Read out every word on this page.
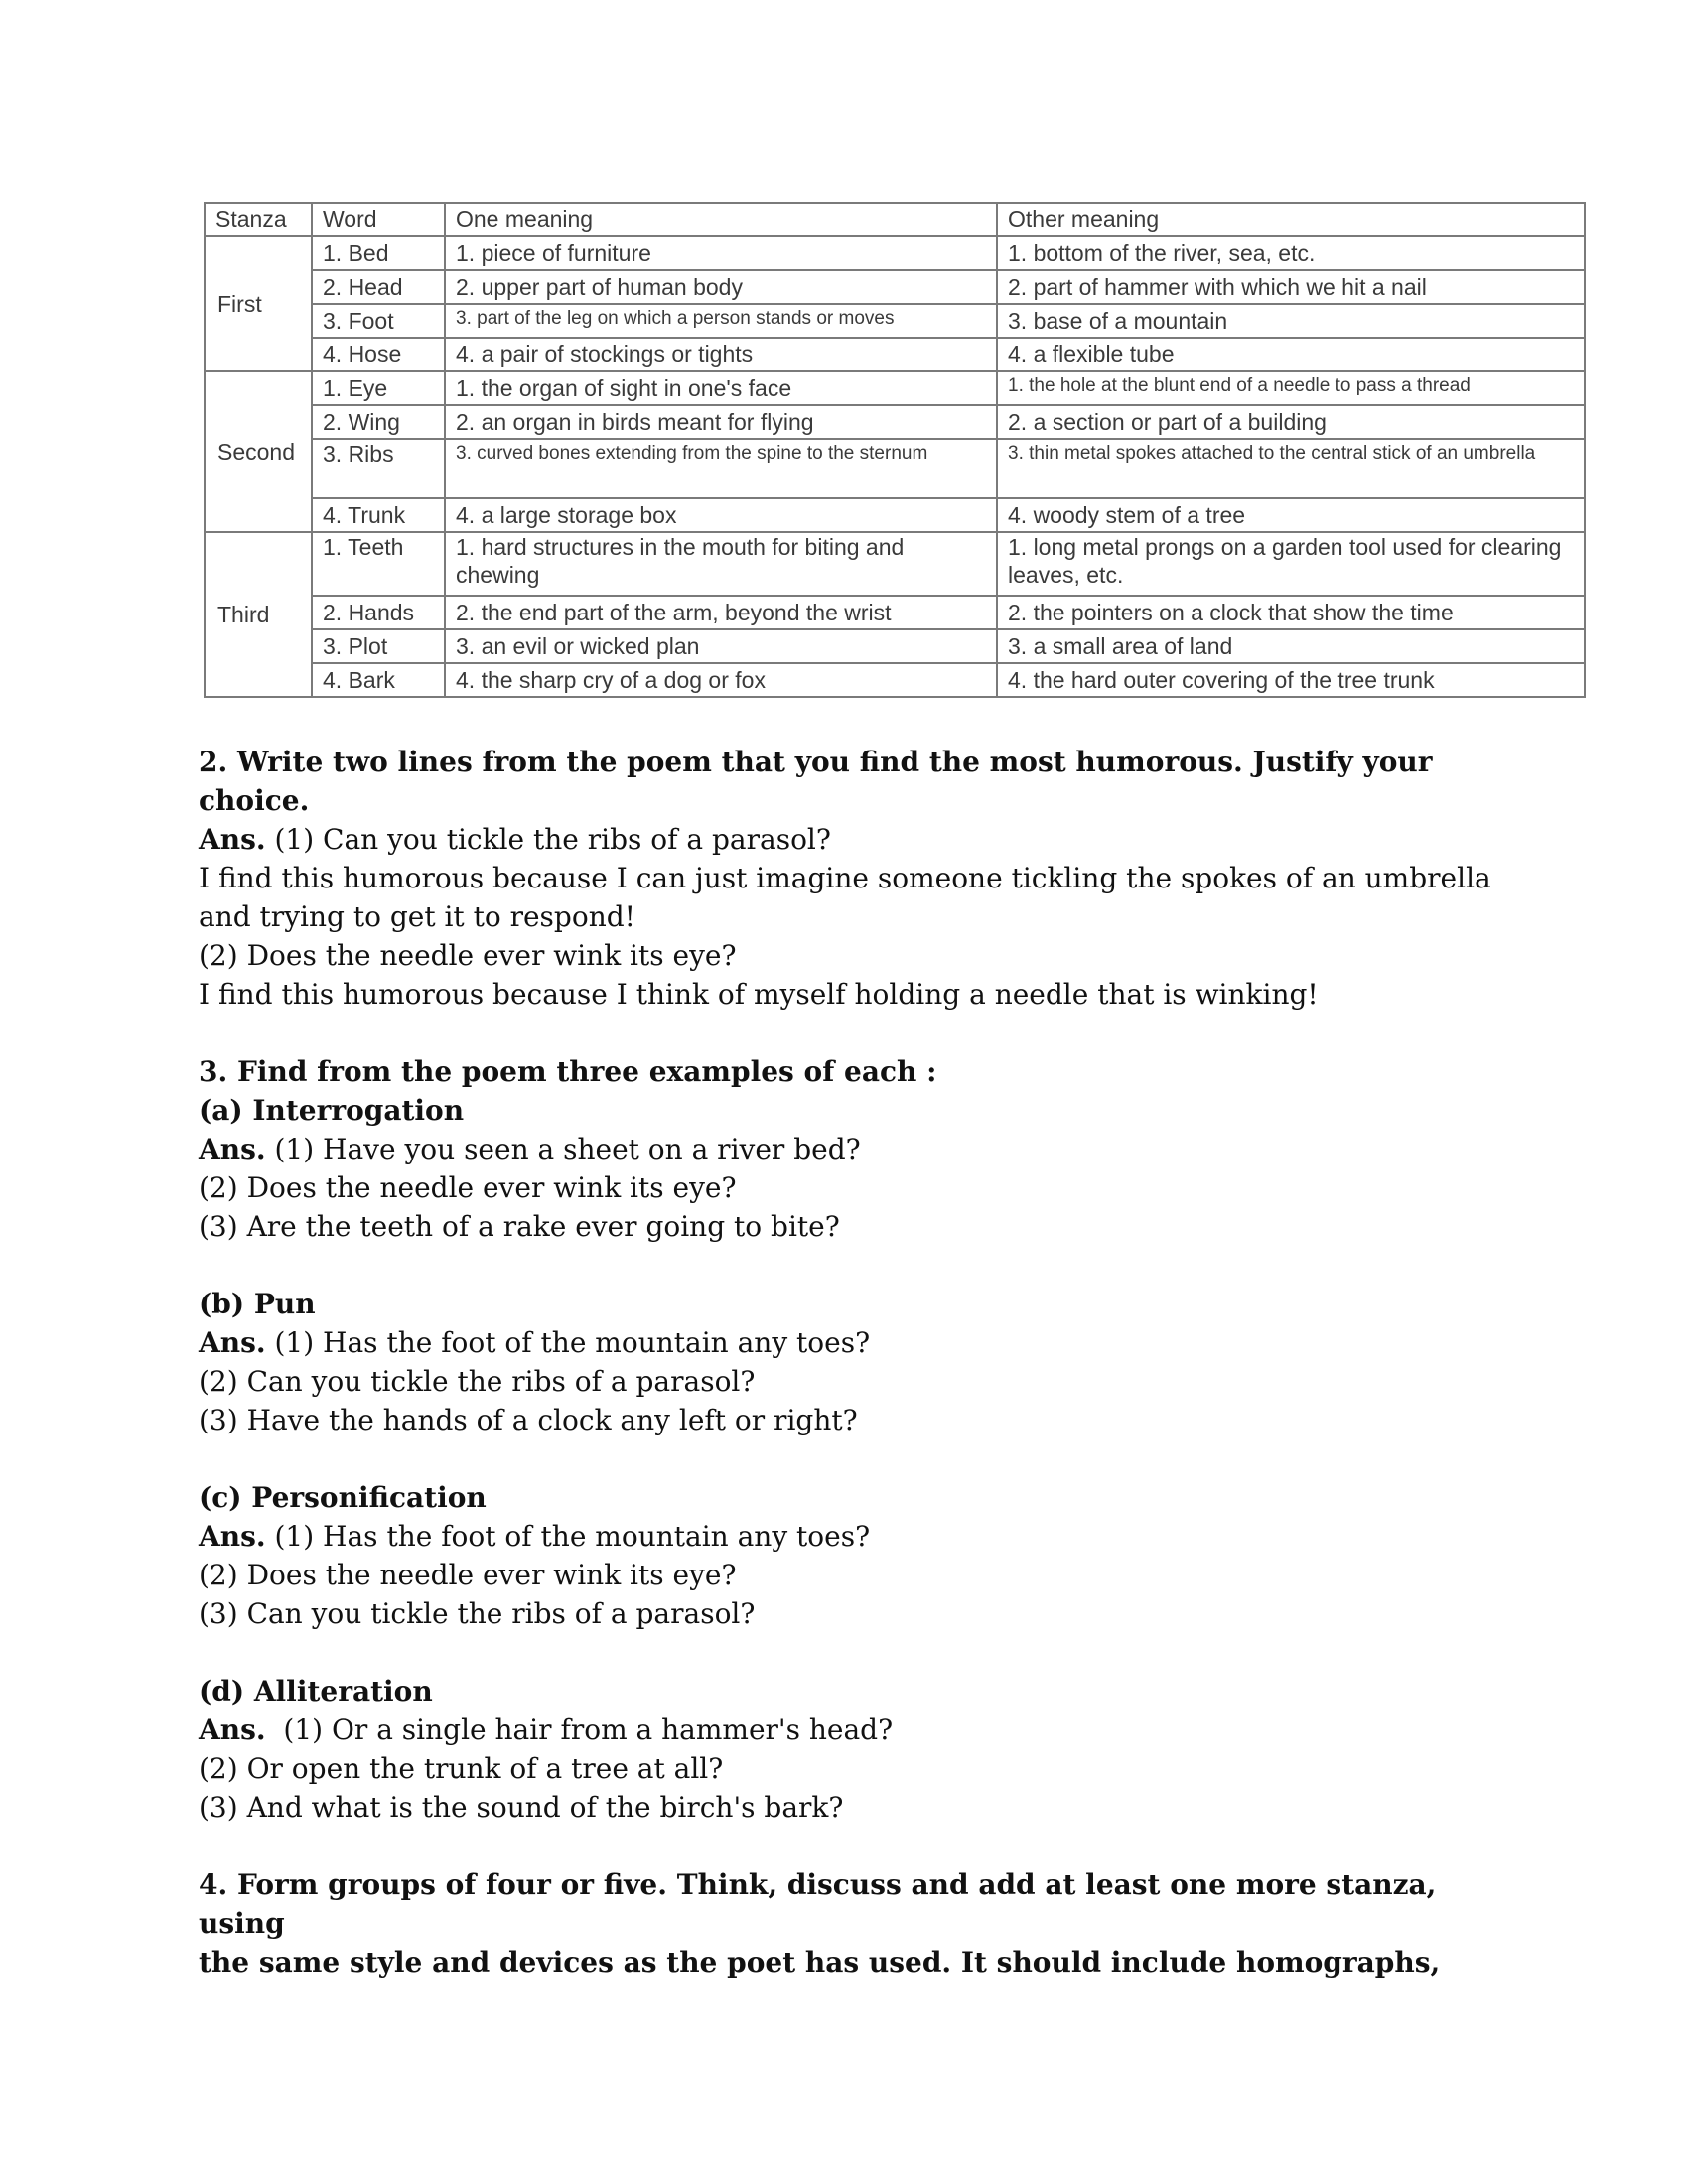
Stanza	Word	One meaning	Other meaning
First	1. Bed	1. piece of furniture	1. bottom of the river, sea, etc.
	2. Head	2. upper part of human body	2. part of hammer with which we hit a nail
	3. Foot	3. part of the leg on which a person stands or moves	3. base of a mountain
	4. Hose	4. a pair of stockings or tights	4. a flexible tube
Second	1. Eye	1. the organ of sight in one's face	1. the hole at the blunt end of a needle to pass a thread
	2. Wing	2. an organ in birds meant for flying	2. a section or part of a building
	3. Ribs	3. curved bones extending from the spine to the sternum	3. thin metal spokes attached to the central stick of an umbrella
	4. Trunk	4. a large storage box	4. woody stem of a tree
Third	1. Teeth	1. hard structures in the mouth for biting and chewing	1. long metal prongs on a garden tool used for clearing leaves, etc.
	2. Hands	2. the end part of the arm, beyond the wrist	2. the pointers on a clock that show the time
	3. Plot	3. an evil or wicked plan	3. a small area of land
	4. Bark	4. the sharp cry of a dog or fox	4. the hard outer covering of the tree trunk

2. Write two lines from the poem that you find the most humorous. Justify your
choice.

Ans. (1) Can you tickle the ribs of a parasol?

I find this humorous because I can just imagine someone tickling the spokes of an umbrella

and trying to get it to respond!

(2) Does the needle ever wink its eye?

I find this humorous because I think of myself holding a needle that is winking!

3. Find from the poem three examples of each :

(a) Interrogation

Ans. (1) Have you seen a sheet on a river bed?

(2) Does the needle ever wink its eye?

(3) Are the teeth of a rake ever going to bite?

(b) Pun

Ans. (1) Has the foot of the mountain any toes?

(2) Can you tickle the ribs of a parasol?

(3) Have the hands of a clock any left or right?

(c) Personification

Ans. (1) Has the foot of the mountain any toes?

(2) Does the needle ever wink its eye?

(3) Can you tickle the ribs of a parasol?

(d) Alliteration

Ans.  (1) Or a single hair from a hammer's head?

(2) Or open the trunk of a tree at all?

(3) And what is the sound of the birch's bark?

4. Form groups of four or five. Think, discuss and add at least one more stanza, using
the same style and devices as the poet has used. It should include homographs,
